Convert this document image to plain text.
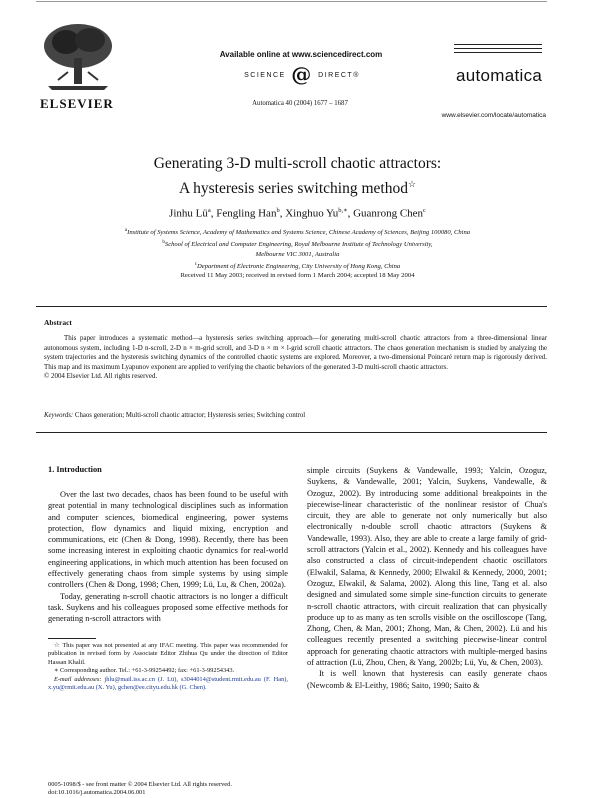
ELSEVIER
Available online at www.sciencedirect.com
SCIENCE @ DIRECT®
Automatica 40 (2004) 1677 – 1687
automatica
www.elsevier.com/locate/automatica
Generating 3-D multi-scroll chaotic attractors:
A hysteresis series switching method☆
Jinhu $Lü^a$, Fengling Han$^b$, Xinghuo $Yu^{b,∗}$, Guanrong Chen$^c$
$^a$Institute of Systems Science, Academy of Mathematics and Systems Science, Chinese Academy of Sciences, Beijing 100080, China
$^b$School of Electrical and Computer Engineering, Royal Melbourne Institute of Technology University,
Melbourne VIC 3001, Australia
$^c$Department of Electronic Engineering, City University of Hong Kong, China
Received 11 May 2003; received in revised form 1 March 2004; accepted 18 May 2004
Abstract
This paper introduces a systematic method—a hysteresis series switching approach—for generating multi-scroll chaotic attractors from a three-dimensional linear autonomous system, including 1-D n-scroll, 2-D n × m-grid scroll, and 3-D n × m × l-grid scroll chaotic attractors. The chaos generation mechanism is studied by analyzing the system trajectories and the hysteresis switching dynamics of the controlled chaotic systems are explored. Moreover, a two-dimensional Poincaré return map is rigorously derived. This map and its maximum Lyapunov exponent are applied to verifying the chaotic behaviors of the generated 3-D multi-scroll chaotic attractors.
© 2004 Elsevier Ltd. All rights reserved.
Keywords: Chaos generation; Multi-scroll chaotic attractor; Hysteresis series; Switching control
1. Introduction

Over the last two decades, chaos has been found to be useful with great potential in many technological disciplines such as information and computer sciences, biomedical engineering, power systems protection, flow dynamics and liquid mixing, encryption and communications, etc (Chen & Dong, 1998). Recently, there has been some increasing interest in exploiting chaotic dynamics for real-world engineering applications, in which much attention has been focused on effectively generating chaos from simple systems by using simple controllers (Chen & Dong, 1998; Chen, 1999; Lü, Lu, & Chen, 2002a).

Today, generating n-scroll chaotic attractors is no longer a difficult task. Suykens and his colleagues proposed some effective methods for generating n-scroll attractors with

simple circuits (Suykens & Vandewalle, 1993; Yalcin, Ozoguz, Suykens, & Vandewalle, 2001; Yalcin, Suykens, Vandewalle, & Ozoguz, 2002). By introducing some additional breakpoints in the piecewise-linear characteristic of the nonlinear resistor of Chua's circuit, they are able to generate not only numerically but also electronically n-double scroll chaotic attractors (Suykens & Vandewalle, 1993). Also, they are able to create a large family of grid-scroll attractors (Yalcin et al., 2002). Kennedy and his colleagues have also constructed a class of circuit-independent chaotic oscillators (Elwakil, Salama, & Kennedy, 2000; Elwakil & Kennedy, 2000, 2001; Ozoguz, Elwakil, & Salama, 2002). Along this line, Tang et al. also designed and simulated some simple sine-function circuits to generate n-scroll chaotic attractors, with circuit realization that can physically produce up to as many as ten scrolls visible on the oscilloscope (Tang, Zhong, Chen, & Man, 2001; Zhong, Man, & Chen, 2002). Lü and his colleagues recently presented a switching piecewise-linear control approach for generating chaotic attractors with multiple-merged basins of attraction (Lü, Zhou, Chen, & Yang, 2002b; Lü, Yu, & Chen, 2003).

It is well known that hysteresis can easily generate chaos (Newcomb & El-Leithy, 1986; Saito, 1990; Saito &

☆ This paper was not presented at any IFAC meeting. This paper was recommended for publication in revised form by Associate Editor Zhihua Qu under the direction of Editor Hassan Khalil.

∗ Corresponding author. Tel.: +61-3-99254492; fax: +61-3-99254343.

E-mail addresses: jhlu@mail.iss.ac.cn (J. Lü), s3044014@student.rmit.edu.au (F. Han), x.yu@rmit.edu.au (X. Yu), gchen@ee.cityu.edu.hk (G. Chen).

0005-1098/$ - see front matter © 2004 Elsevier Ltd. All rights reserved.
doi:10.1016/j.automatica.2004.06.001
